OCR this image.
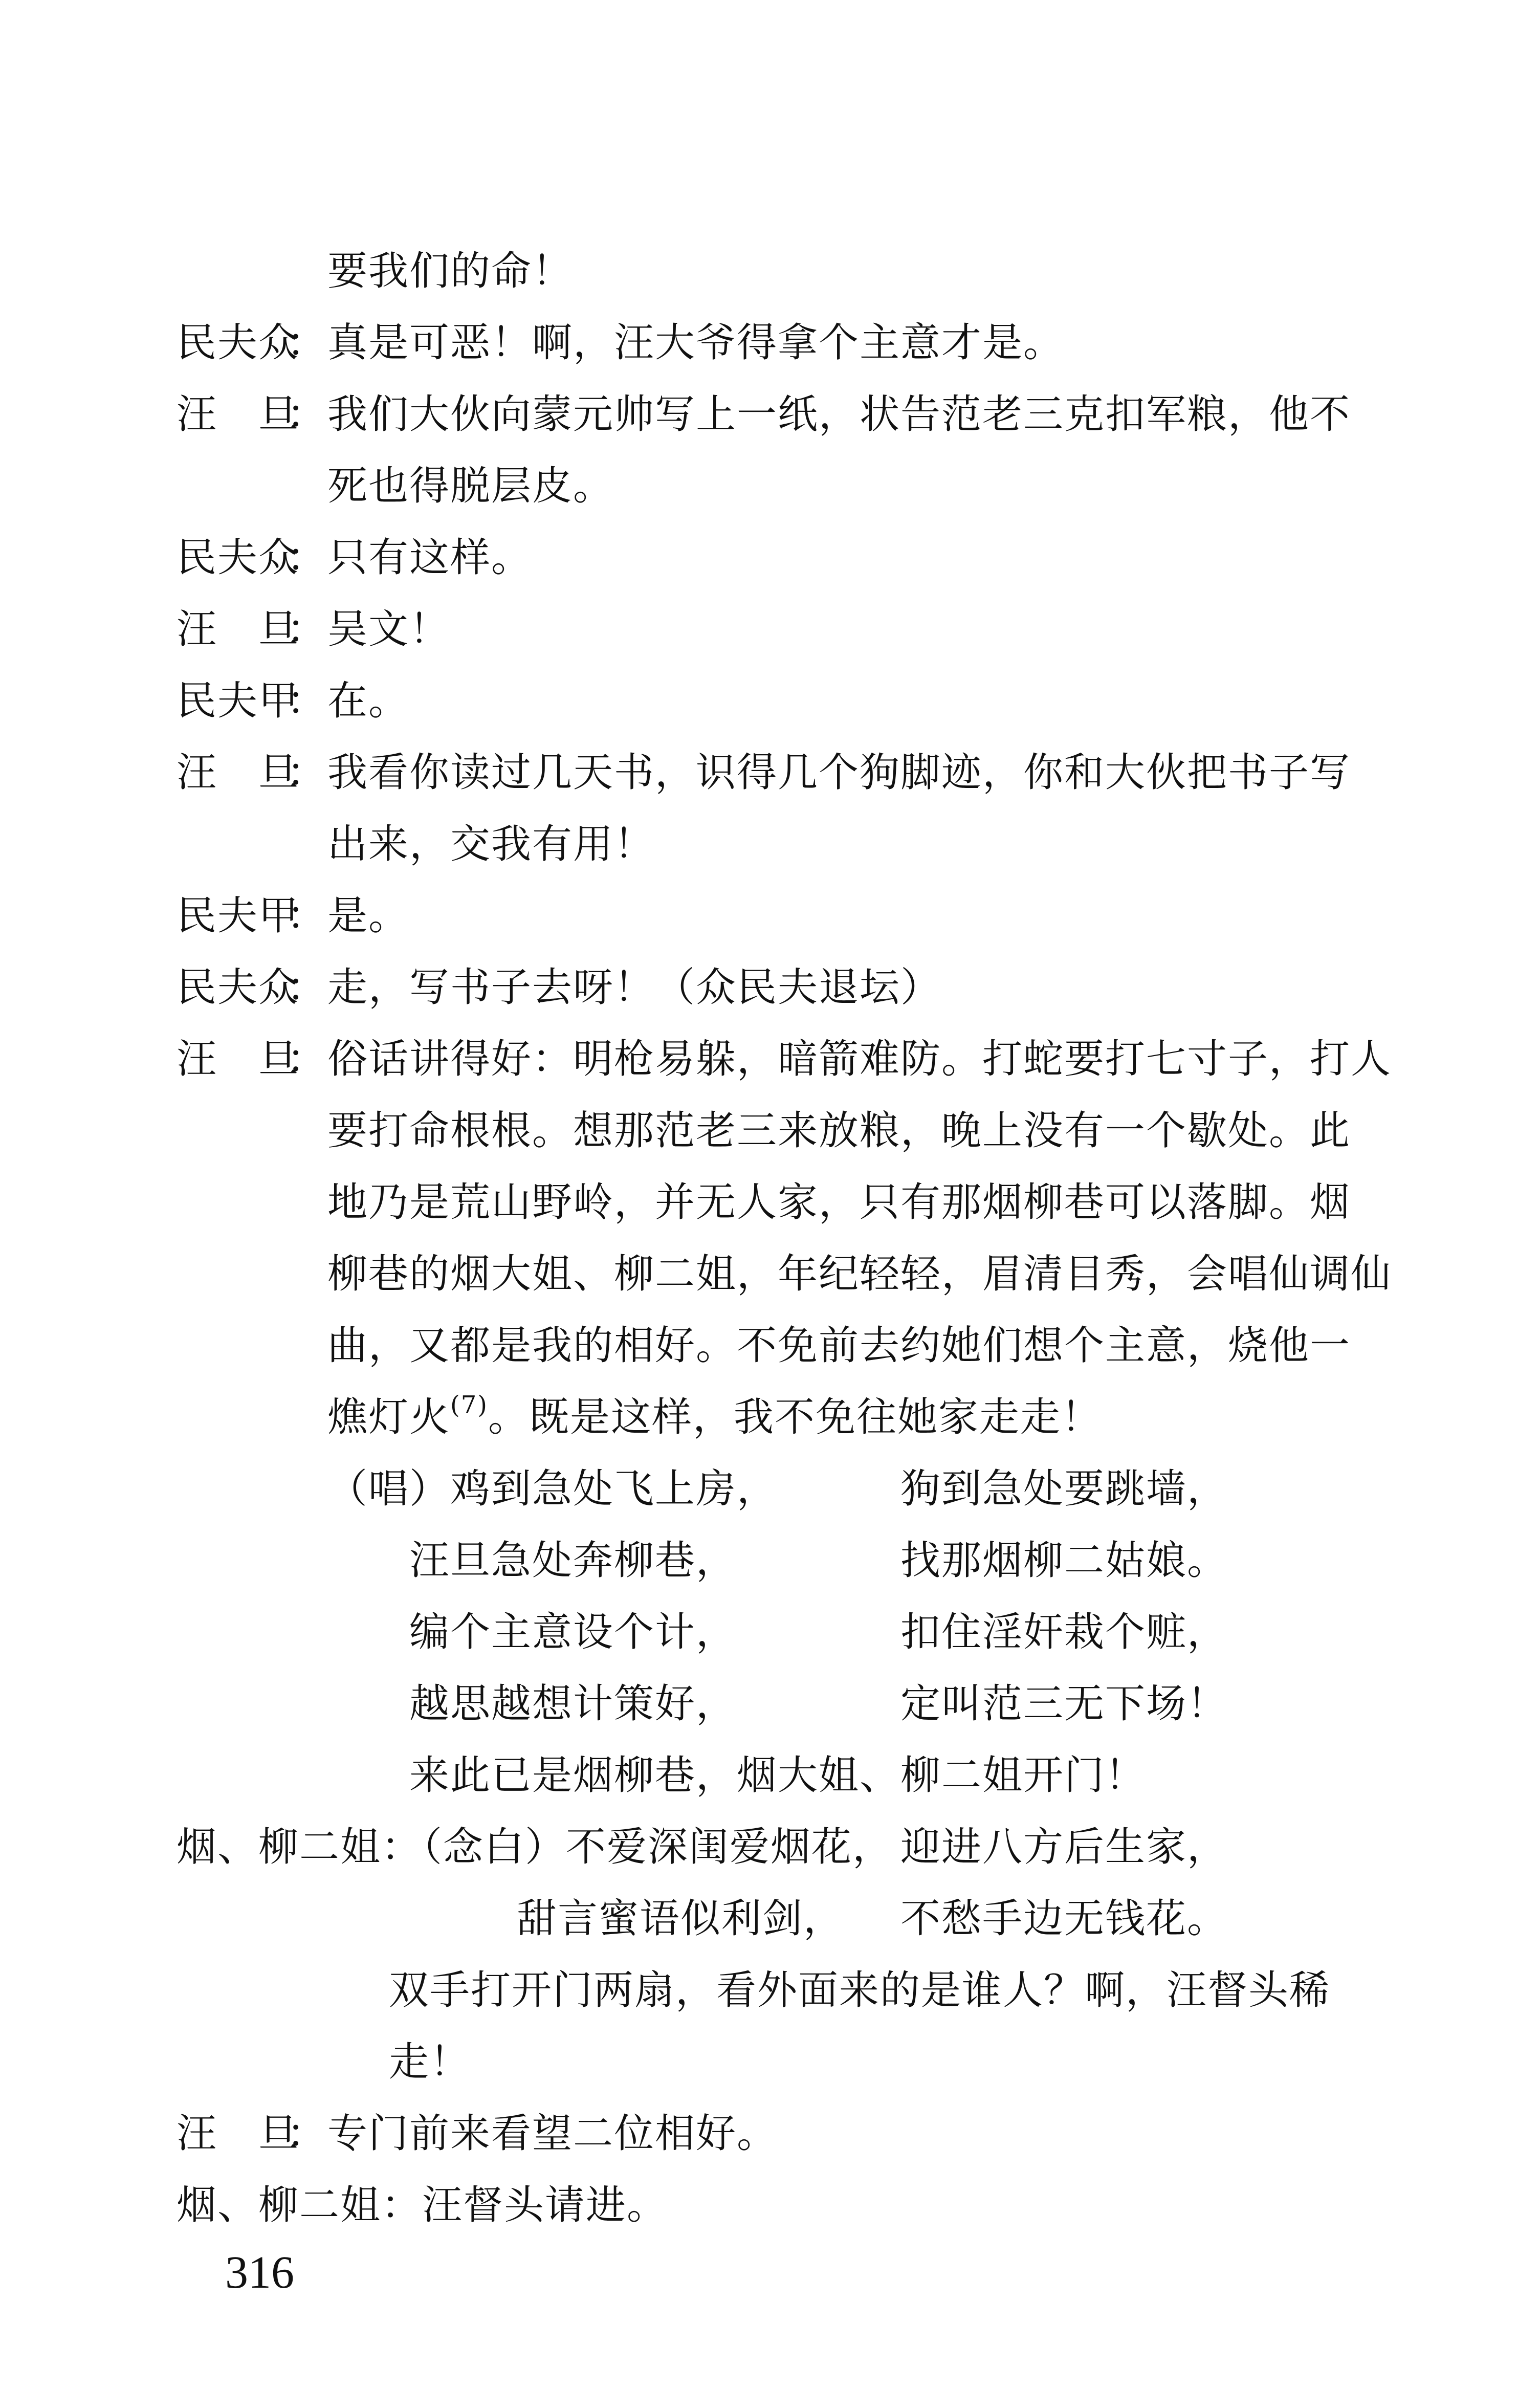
要我们的命！
民夫众：真是可恶！啊，汪大爷得拿个主意才是。
汪　旦：我们大伙向蒙元帅写上一纸，状告范老三克扣军粮，他不
死也得脱层皮。
民夫众：只有这样。
汪　旦：吴文！
民夫甲：在。
汪　旦：我看你读过几天书，识得几个狗脚迹，你和大伙把书子写
出来，交我有用！
民夫甲：是。
民夫众：走，写书子去呀！（众民夫退坛）
汪　旦：俗话讲得好：明枪易躲，暗箭难防。打蛇要打七寸子，打人
要打命根根。想那范老三来放粮，晚上没有一个歇处。此
地乃是荒山野岭，并无人家，只有那烟柳巷可以落脚。烟
柳巷的烟大姐、柳二姐，年纪轻轻，眉清目秀，会唱仙调仙
曲，又都是我的相好。不免前去约她们想个主意，烧他一
燋灯火$^{(7)}$。既是这样，我不免往她家走走！
（唱）鸡到急处飞上房，	狗到急处要跳墙，
汪旦急处奔柳巷，	找那烟柳二姑娘。
编个主意设个计，	扣住淫奸栽个赃，
越思越想计策好，	定叫范三无下场！
来此已是烟柳巷，烟大姐、柳二姐开门！
烟、柳二姐：（念白）不爱深闺爱烟花， 迎进八方后生家，
甜言蜜语似利剑， 不愁手边无钱花。
双手打开门两扇，看外面来的是谁人？啊，汪督头稀
走！
汪　旦：专门前来看望二位相好。
烟、柳二姐：汪督头请进。
316
